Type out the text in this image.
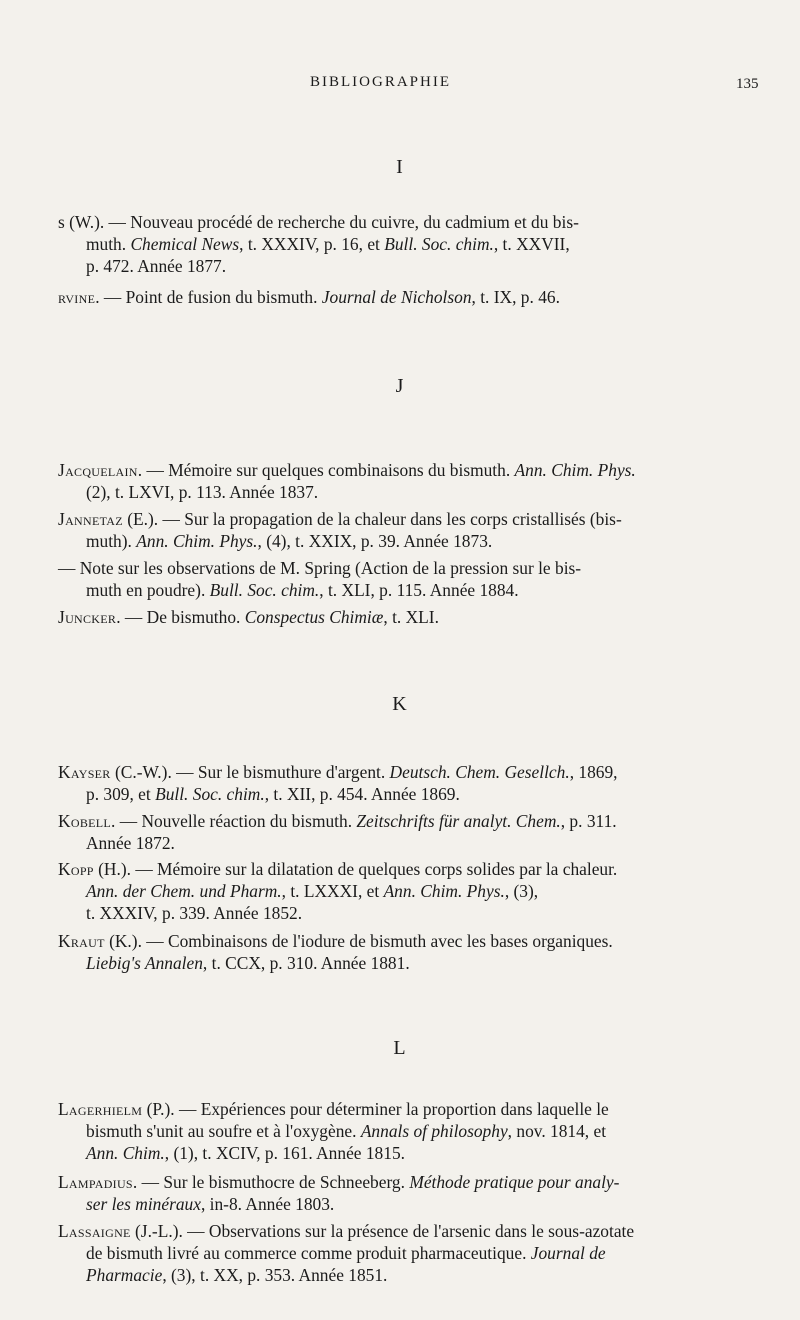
BIBLIOGRAPHIE	135
I
s (W.). — Nouveau procédé de recherche du cuivre, du cadmium et du bis-
muth. Chemical News, t. XXXIV, p. 16, et Bull. Soc. chim., t. XXVII,
p. 472. Année 1877.
rvine. — Point de fusion du bismuth. Journal de Nicholson, t. IX, p. 46.
J
Jacquelain. — Mémoire sur quelques combinaisons du bismuth. Ann. Chim. Phys.
(2), t. LXVI, p. 113. Année 1837.
Jannetaz (E.). — Sur la propagation de la chaleur dans les corps cristallisés (bis-
muth). Ann. Chim. Phys., (4), t. XXIX, p. 39. Année 1873.
— Note sur les observations de M. Spring (Action de la pression sur le bis-
muth en poudre). Bull. Soc. chim., t. XLI, p. 115. Année 1884.
Juncker. — De bismutho. Conspectus Chimiæ, t. XLI.
K
Kayser (C.-W.). — Sur le bismuthure d'argent. Deutsch. Chem. Gesellch., 1869,
p. 309, et Bull. Soc. chim., t. XII, p. 454. Année 1869.
Kobell. — Nouvelle réaction du bismuth. Zeitschrifts für analyt. Chem., p. 311.
Année 1872.
Kopp (H.). — Mémoire sur la dilatation de quelques corps solides par la chaleur.
Ann. der Chem. und Pharm., t. LXXXI, et Ann. Chim. Phys., (3),
t. XXXIV, p. 339. Année 1852.
Kraut (K.). — Combinaisons de l'iodure de bismuth avec les bases organiques.
Liebig's Annalen, t. CCX, p. 310. Année 1881.
L
Lagerhielm (P.). — Expériences pour déterminer la proportion dans laquelle le
bismuth s'unit au soufre et à l'oxygène. Annals of philosophy, nov. 1814, et
Ann. Chim., (1), t. XCIV, p. 161. Année 1815.
Lampadius. — Sur le bismuthocre de Schneeberg. Méthode pratique pour analy-
ser les minéraux, in-8. Année 1803.
Lassaigne (J.-L.). — Observations sur la présence de l'arsenic dans le sous-azotate
de bismuth livré au commerce comme produit pharmaceutique. Journal de
Pharmacie, (3), t. XX, p. 353. Année 1851.
